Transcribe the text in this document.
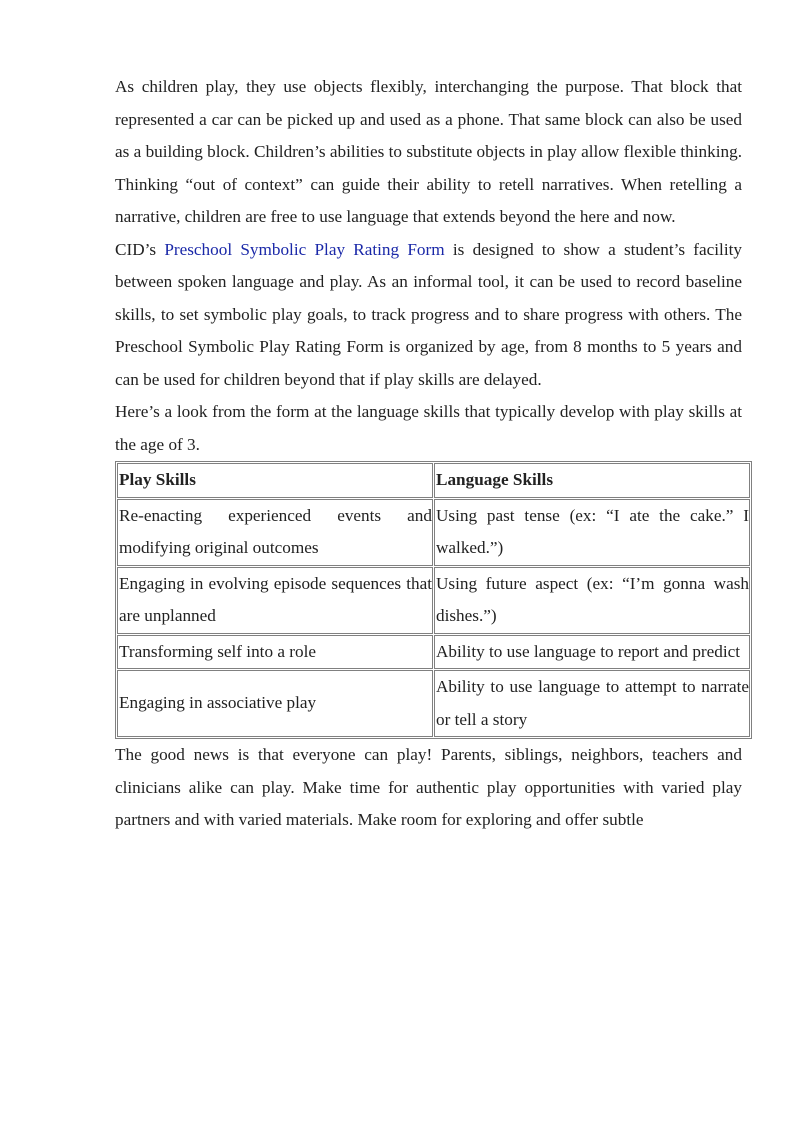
As children play, they use objects flexibly, interchanging the purpose. That block that represented a car can be picked up and used as a phone. That same block can also be used as a building block. Children’s abilities to substitute objects in play allow flexible thinking. Thinking “out of context” can guide their ability to retell narratives. When retelling a narrative, children are free to use language that extends beyond the here and now.

CID’s Preschool Symbolic Play Rating Form is designed to show a student’s facility between spoken language and play. As an informal tool, it can be used to record baseline skills, to set symbolic play goals, to track progress and to share progress with others. The Preschool Symbolic Play Rating Form is organized by age, from 8 months to 5 years and can be used for children beyond that if play skills are delayed.

Here’s a look from the form at the language skills that typically develop with play skills at the age of 3.

Play Skills	Language Skills
Re-enacting experienced events and modifying original outcomes	Using past tense (ex: “I ate the cake.” I walked.”)
Engaging in evolving episode sequences that are unplanned	Using future aspect (ex: “I’m gonna wash dishes.”)
Transforming self into a role	Ability to use language to report and predict
Engaging in associative play	Ability to use language to attempt to narrate or tell a story

The good news is that everyone can play! Parents, siblings, neighbors, teachers and clinicians alike can play. Make time for authentic play opportunities with varied play partners and with varied materials. Make room for exploring and offer subtle
